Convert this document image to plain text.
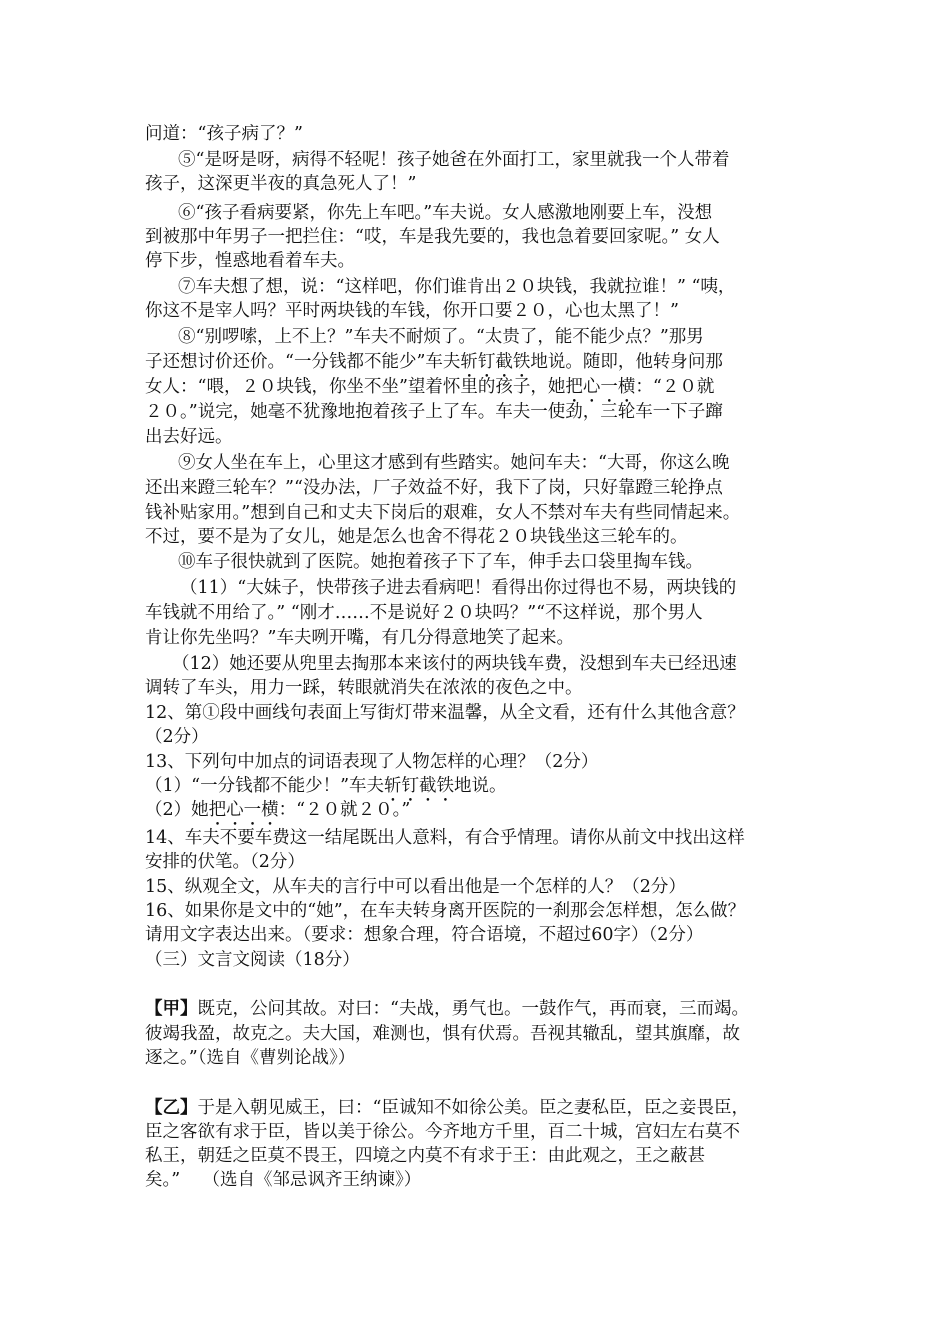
问道：“孩子病了？”
⑤“是呀是呀，病得不轻呢！孩子她爸在外面打工，家里就我一个人带着
孩子，这深更半夜的真急死人了！”
⑥“孩子看病要紧，你先上车吧。”车夫说。女人感激地刚要上车，没想
到被那中年男子一把拦住：“哎，车是我先要的，我也急着要回家呢。” 女人
停下步，惶惑地看着车夫。
⑦车夫想了想，说：“这样吧，你们谁肯出２０块钱，我就拉谁！” “咦，
你这不是宰人吗？平时两块钱的车钱，你开口要２０，心也太黑了！”
⑧“别啰嗦，上不上？”车夫不耐烦了。“太贵了，能不能少点？”那男
子还想讨价还价。“一分钱都不能少”车夫斩钉截铁地说。随即，他转身问那
女人：“喂，２０块钱，你坐不坐”望着怀里的孩子，她把心一横：“２０就
２０。”说完，她毫不犹豫地抱着孩子上了车。车夫一使劲，三轮车一下子蹿
出去好远。
⑨女人坐在车上，心里这才感到有些踏实。她问车夫：“大哥，你这么晚
还出来蹬三轮车？”“没办法，厂子效益不好，我下了岗，只好靠蹬三轮挣点
钱补贴家用。”想到自己和丈夫下岗后的艰难，女人不禁对车夫有些同情起来。
不过，要不是为了女儿，她是怎么也舍不得花２０块钱坐这三轮车的。
⑩车子很快就到了医院。她抱着孩子下了车，伸手去口袋里掏车钱。
（11）“大妹子，快带孩子进去看病吧！看得出你过得也不易，两块钱的
车钱就不用给了。” “刚才……不是说好２０块吗？”“不这样说，那个男人
肯让你先坐吗？”车夫咧开嘴，有几分得意地笑了起来。
（12）她还要从兜里去掏那本来该付的两块钱车费，没想到车夫已经迅速
调转了车头，用力一踩，转眼就消失在浓浓的夜色之中。
12、第①段中画线句表面上写街灯带来温馨，从全文看，还有什么其他含意？
（2分）
13、下列句中加点的词语表现了人物怎样的心理？（2分）
（1）“一分钱都不能少！”车夫斩钉截铁地说。
（2）她把心一横：“２０就２０。”
14、车夫不要车费这一结尾既出人意料，有合乎情理。请你从前文中找出这样
安排的伏笔。（2分）
15、纵观全文，从车夫的言行中可以看出他是一个怎样的人？（2分）
16、如果你是文中的“她”，在车夫转身离开医院的一刹那会怎样想，怎么做？
请用文字表达出来。（要求：想象合理，符合语境，不超过60字）（2分）
（三）文言文阅读（18分）
【甲】既克，公问其故。对曰：“夫战，勇气也。一鼓作气，再而衰，三而竭。
彼竭我盈，故克之。夫大国，难测也，惧有伏焉。吾视其辙乱，望其旗靡，故
逐之。”（选自《曹刿论战》）
【乙】于是入朝见威王，曰：“臣诚知不如徐公美。臣之妻私臣，臣之妾畏臣，
臣之客欲有求于臣，皆以美于徐公。今齐地方千里，百二十城，宫妇左右莫不
私王，朝廷之臣莫不畏王，四境之内莫不有求于王：由此观之，王之蔽甚
矣。”    （选自《邹忌讽齐王纳谏》）
